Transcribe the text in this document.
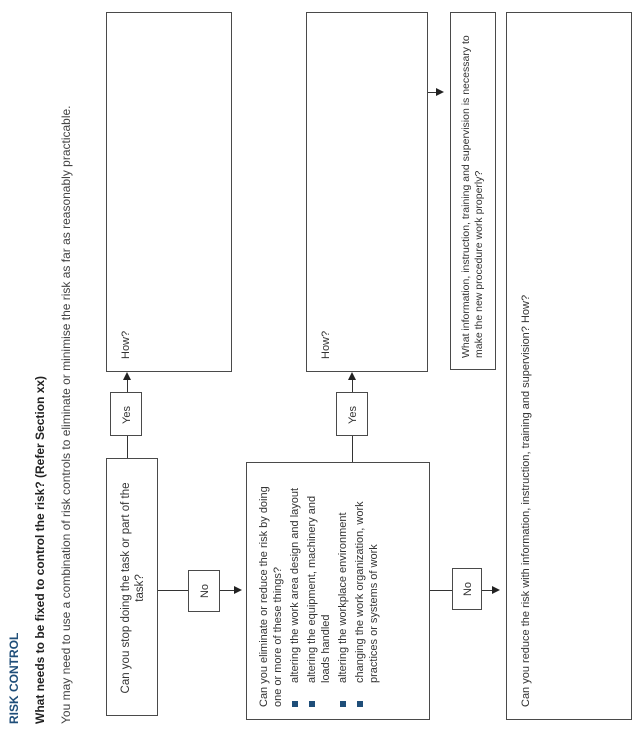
RISK CONTROL What needs to be fixed to control the risk? (Refer Section xx) You may need to use a combination of risk controls to eliminate or minimise the risk as far as reasonably practicable.	Can you stop doing the task or part of the task?
Yes
How?
No	Can you eliminate or reduce the risk by doing one or more of these things? altering the work area design and layout altering the equipment, machinery and loads handled altering the workplace environment changing the work organization, work practices or systems of work
Yes
How?	What information, instruction, training and supervision is necessary to make the new procedure work properly?
No	Can you reduce the risk with information, instruction, training and supervision? How?
